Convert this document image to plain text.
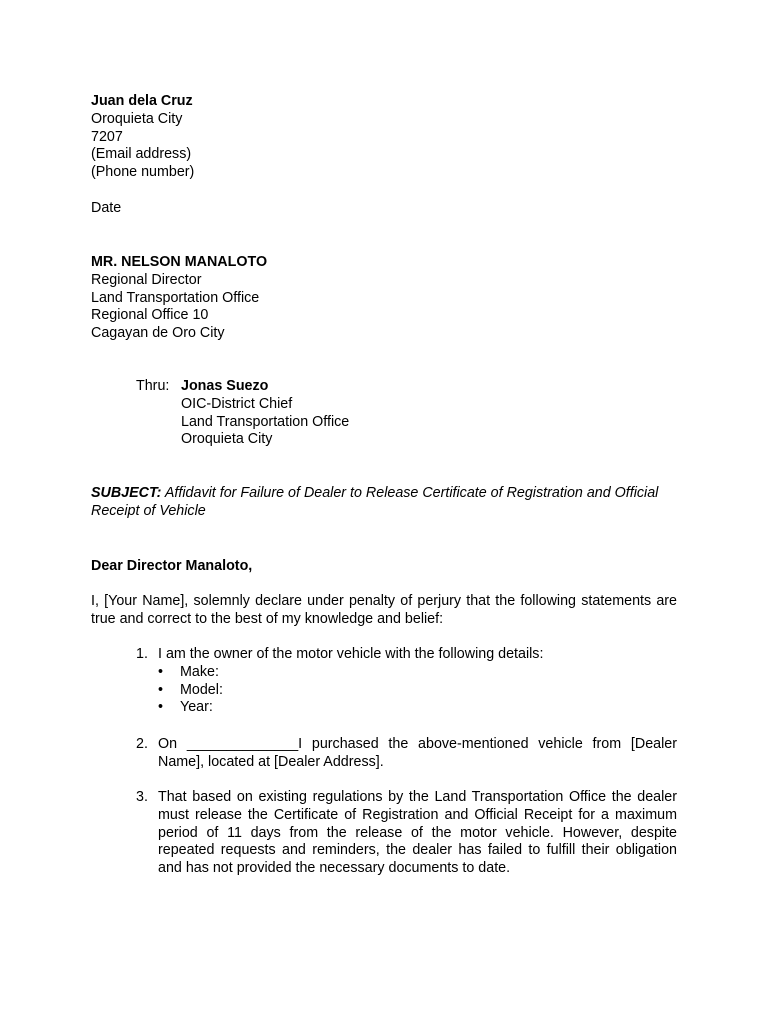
Juan dela Cruz
Oroquieta City
7207
(Email address)
(Phone number)
Date
MR. NELSON MANALOTO
Regional Director
Land Transportation Office
Regional Office 10
Cagayan de Oro City
Thru: Jonas Suezo
OIC-District Chief
Land Transportation Office
Oroquieta City
SUBJECT: Affidavit for Failure of Dealer to Release Certificate of Registration and Official Receipt of Vehicle
Dear Director Manaloto,
I, [Your Name], solemnly declare under penalty of perjury that the following statements are true and correct to the best of my knowledge and belief:
1. I am the owner of the motor vehicle with the following details:
•	Make:
•	Model:
•	Year:
2. On ______________I purchased the above-mentioned vehicle from [Dealer Name], located at [Dealer Address].
3. That based on existing regulations by the Land Transportation Office the dealer must release the Certificate of Registration and Official Receipt for a maximum period of 11 days from the release of the motor vehicle. However, despite repeated requests and reminders, the dealer has failed to fulfill their obligation and has not provided the necessary documents to date.
